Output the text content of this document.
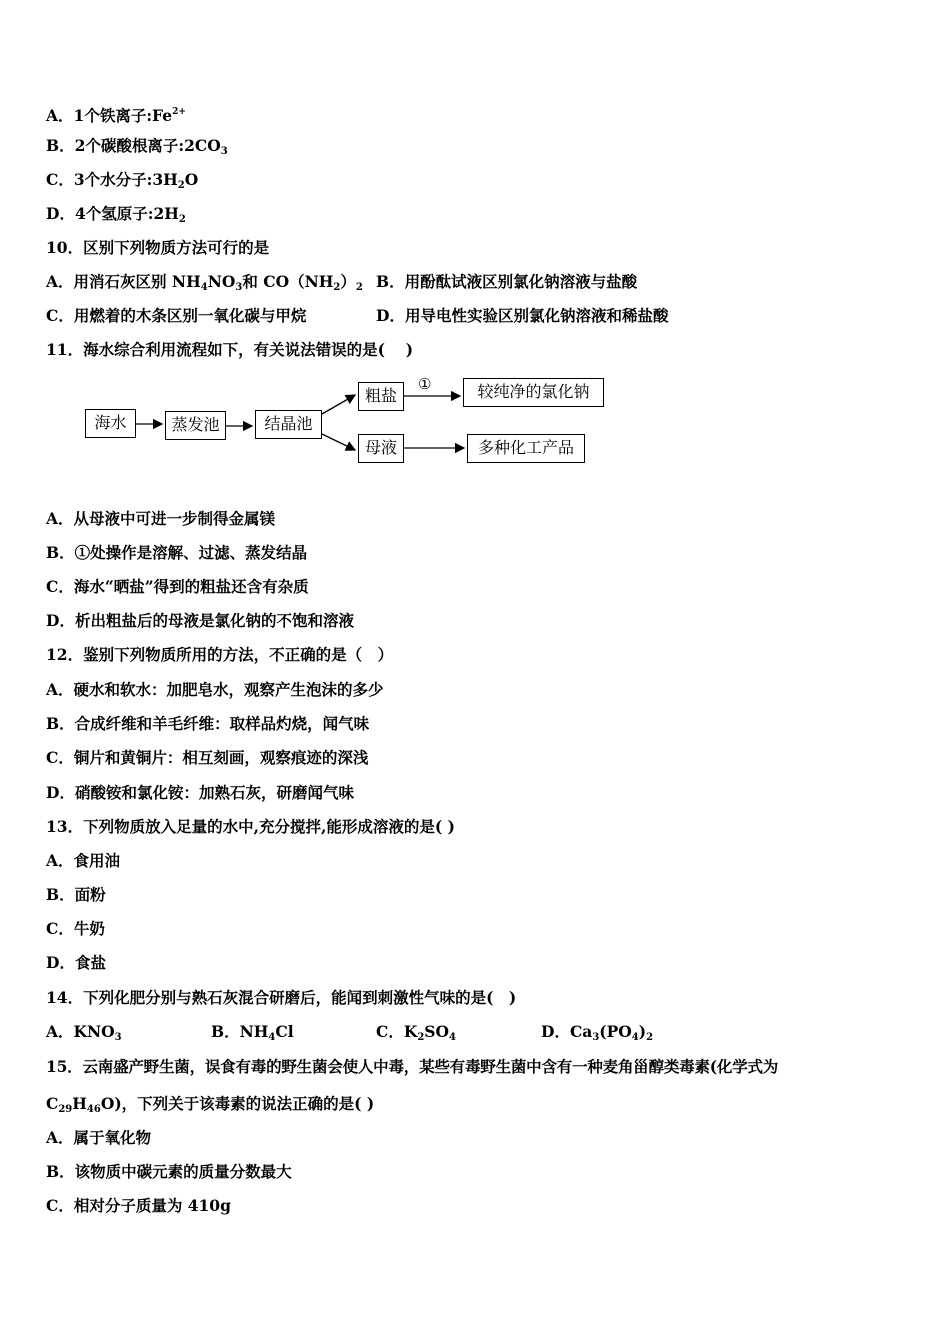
A．1个铁离子$:Fe^{2+}$
B．2个碳酸根离子$:2CO_3$
C．3个水分子$:3H_2O$
D．4个氢原子$:2H_2$
10．区别下列物质方法可行的是
A．用消石灰区别 $NH_4NO_3$和 $CO(NH_2)_2$ B．用酚酞试液区别氯化钠溶液与盐酸
C．用燃着的木条区别一氧化碳与甲烷	D．用导电性实验区别氯化钠溶液和稀盐酸
11．海水综合利用流程如下，有关说法错误的是(　 )
海水	蒸发池	结晶池
粗盐
母液
①	较纯净的氯化钠
多种化工产品
A．从母液中可进一步制得金属镁
B．①处操作是溶解、过滤、蒸发结晶
C．海水“晒盐”得到的粗盐还含有杂质
D．析出粗盐后的母液是氯化钠的不饱和溶液
12．鉴别下列物质所用的方法，不正确的是（　）
A．硬水和软水：加肥皂水，观察产生泡沫的多少
B．合成纤维和羊毛纤维：取样品灼烧，闻气味
C．铜片和黄铜片：相互刻画，观察痕迹的深浅
D．硝酸铵和氯化铵：加熟石灰，研磨闻气味
13．下列物质放入足量的水中,充分搅拌,能形成溶液的是( )
A．食用油
B．面粉
C．牛奶
D．食盐
14．下列化肥分别与熟石灰混合研磨后，能闻到刺激性气味的是(　)
A．$KNO_3$	B．$NH_4Cl$	C．$K_2SO_4$	D．$Ca_3(PO_4)_2$
15．云南盛产野生菌，误食有毒的野生菌会使人中毒，某些有毒野生菌中含有一种麦角甾醇类毒素(化学式为
$C_{29}H_{46}O$)，下列关于该毒素的说法正确的是( )
A．属于氧化物
B．该物质中碳元素的质量分数最大
C．相对分子质量为 410g
